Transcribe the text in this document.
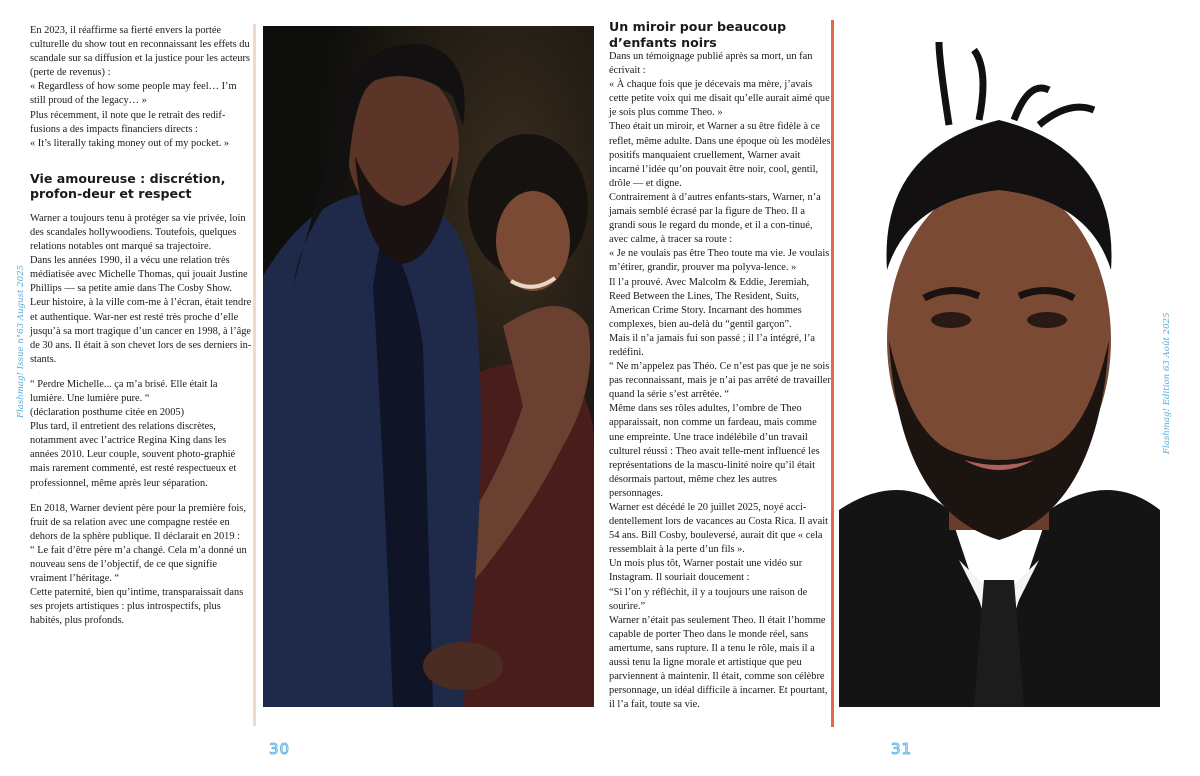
En 2023, il réaffirme sa fierté envers la portée culturelle du show tout en reconnaissant les effets du scandale sur sa diffusion et la justice pour les acteurs (perte de revenus) :

« Regardless of how some people may feel… I’m still proud of the legacy… »

Plus récemment, il note que le retrait des redif-fusions a des impacts financiers directs :

« It’s literally taking money out of my pocket. »

Vie amoureuse : discrétion, profon-deur et respect

Warner a toujours tenu à protéger sa vie privée, loin des scandales hollywoodiens. Toutefois, quelques relations notables ont marqué sa trajectoire.

Dans les années 1990, il a vécu une relation très médiatisée avec Michelle Thomas, qui jouait Justine Phillips — sa petite amie dans The Cosby Show. Leur histoire, à la ville com-me à l’écran, était tendre et authentique. War-ner est resté très proche d’elle jusqu’à sa mort tragique d’un cancer en 1998, à l’âge de 30 ans. Il était à son chevet lors de ses derniers in-stants.

“ Perdre Michelle... ça m’a brisé. Elle était la lumière. Une lumière pure. “

(déclaration posthume citée en 2005)

Plus tard, il entretient des relations discrètes, notamment avec l’actrice Regina King dans les années 2010. Leur couple, souvent photo-graphié mais rarement commenté, est resté respectueux et professionnel, même après leur séparation.

En 2018, Warner devient père pour la première fois, fruit de sa relation avec une compagne restée en dehors de la sphère publique. Il déclarait en 2019 :

“ Le fait d’être père m’a changé. Cela m’a donné un nouveau sens de l’objectif, de ce que signifie vraiment l’héritage. “

Cette paternité, bien qu’intime, transparaissait dans ses projets artistiques : plus introspectifs, plus habités, plus profonds.

Un miroir pour beaucoup d’enfants noirs

Dans un témoignage publié après sa mort, un fan écrivait :

« À chaque fois que je décevais ma mère, j’avais cette petite voix qui me disait qu’elle aurait aimé que je sois plus comme Theo. »

Theo était un miroir, et Warner a su être fidèle à ce reflet, même adulte. Dans une époque où les modèles positifs manquaient cruellement, Warner avait incarné l’idée qu’on pouvait être noir, cool, gentil, drôle — et digne.

Contrairement à d’autres enfants-stars, Warner, n’a jamais semblé écrasé par la figure de Theo. Il a grandi sous le regard du monde, et il a con-tinué, avec calme, à tracer sa route :

« Je ne voulais pas être Theo toute ma vie. Je voulais m’étirer, grandir, prouver ma polyva-lence. »

Il l’a prouvé. Avec Malcolm & Eddie, Jeremiah, Reed Between the Lines, The Resident, Suits, American Crime Story. Incarnant des hommes complexes, bien au-delà du “gentil garçon”.

Mais il n’a jamais fui son passé ; il l’a intégré, l’a redéfini.

“ Ne m’appelez pas Théo. Ce n’est pas que je ne sois pas reconnaissant, mais je n’ai pas arrêté de travailler quand la série s’est arrêtée. “

Même dans ses rôles adultes, l’ombre de Theo apparaissait, non comme un fardeau, mais comme une empreinte. Une trace indélébile d’un travail culturel réussi : Theo avait telle-ment influencé les représentations de la mascu-linité noire qu’il était désormais partout, même chez les autres personnages.

Warner est décédé le 20 juillet 2025, noyé acci-dentellement lors de vacances au Costa Rica. Il avait 54 ans. Bill Cosby, bouleversé, aurait dit que « cela ressemblait à la perte d’un fils ».

Un mois plus tôt, Warner postait une vidéo sur Instagram. Il souriait doucement :

“Si l’on y réfléchit, il y a toujours une raison de sourire.”

Warner n’était pas seulement Theo. Il était l’homme capable de porter Theo dans le monde réel, sans amertume, sans rupture. Il a tenu le rôle, mais il a aussi tenu la ligne morale et artistique que peu parviennent à maintenir. Il était, comme son célèbre personnage, un idéal difficile à incarner. Et pourtant, il l’a fait, toute sa vie.

Flashmag! Issue n°63 August 2025	Flashmag! Edition 63 Août 2025
30	31
